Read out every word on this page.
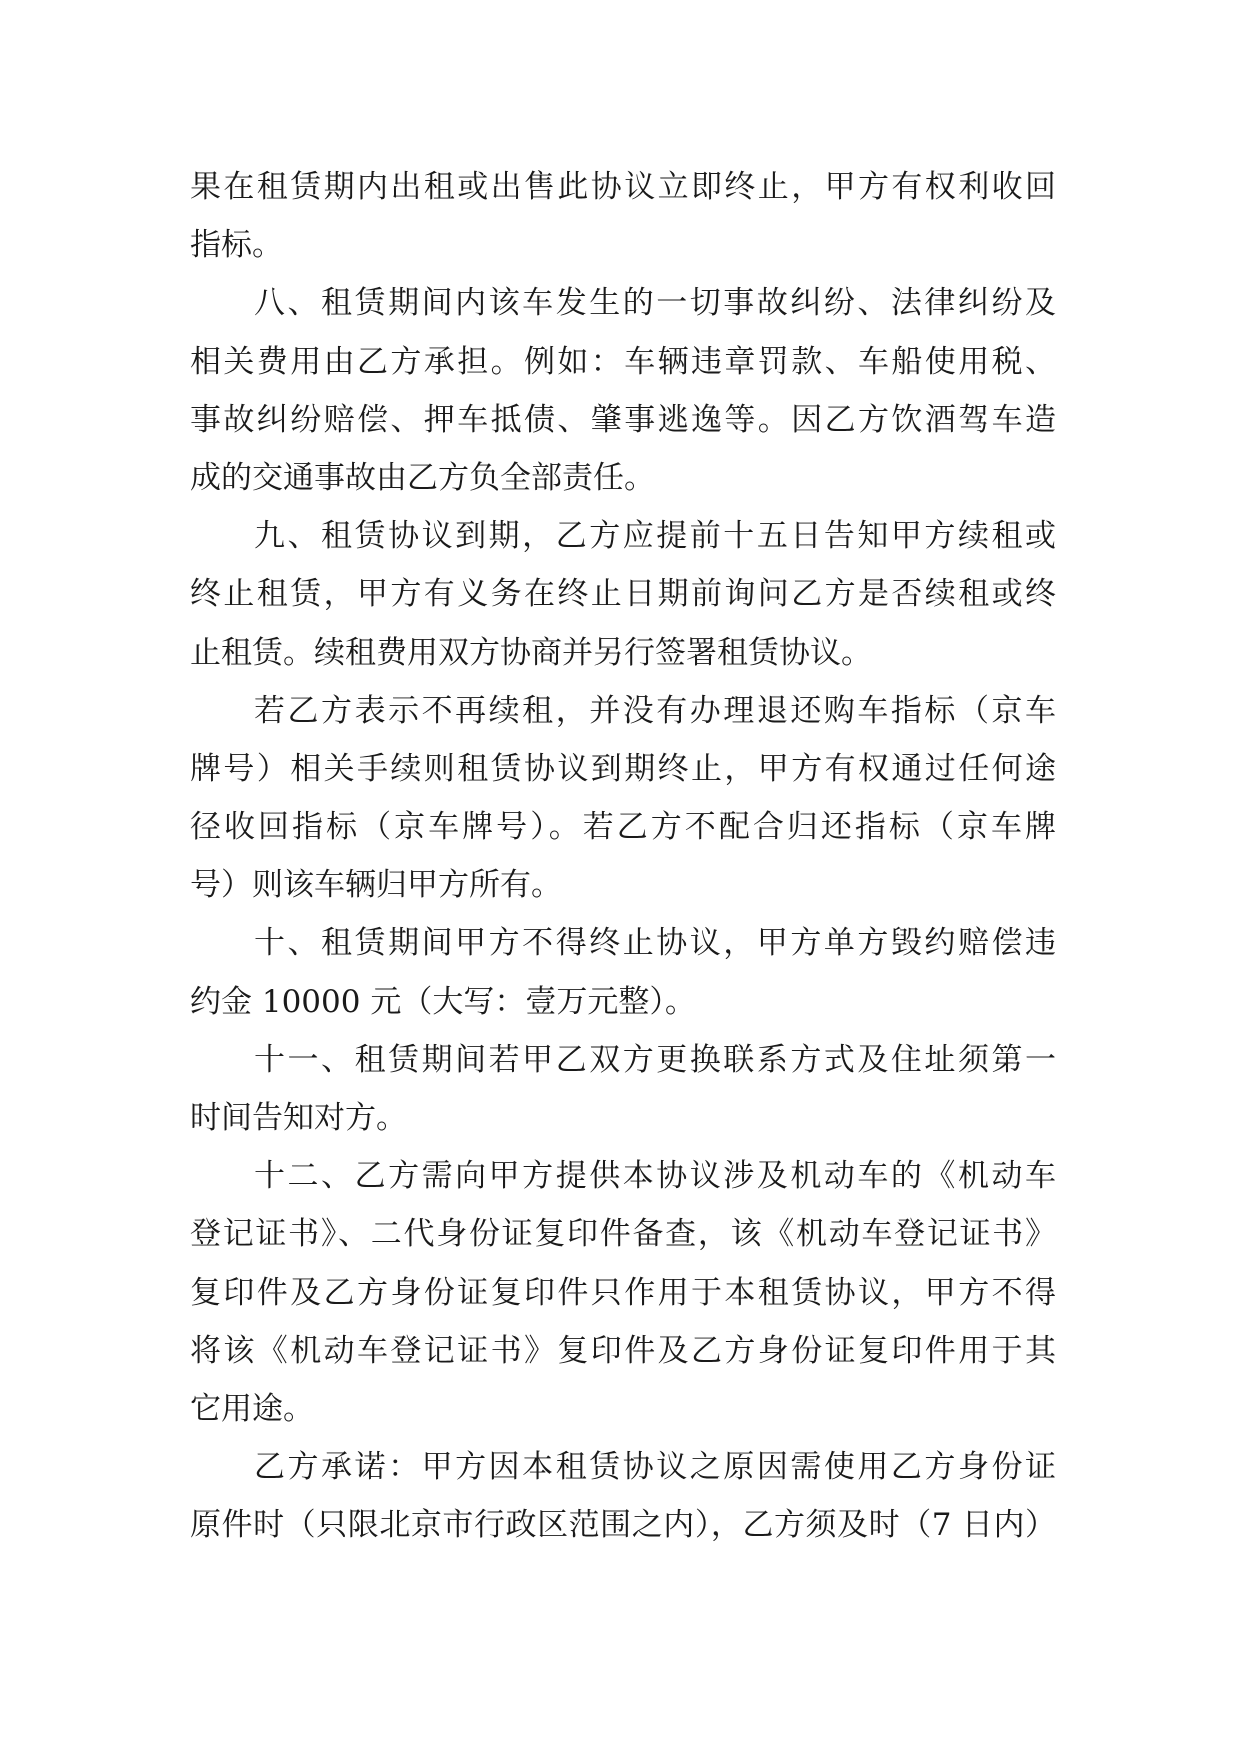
果在租赁期内出租或出售此协议立即终止，甲方有权利收回
指标。
八、租赁期间内该车发生的一切事故纠纷、法律纠纷及
相关费用由乙方承担。例如：车辆违章罚款、车船使用税、
事故纠纷赔偿、押车抵债、肇事逃逸等。因乙方饮酒驾车造
成的交通事故由乙方负全部责任。
九、租赁协议到期，乙方应提前十五日告知甲方续租或
终止租赁，甲方有义务在终止日期前询问乙方是否续租或终
止租赁。续租费用双方协商并另行签署租赁协议。
若乙方表示不再续租，并没有办理退还购车指标（京车
牌号）相关手续则租赁协议到期终止，甲方有权通过任何途
径收回指标（京车牌号）。若乙方不配合归还指标（京车牌
号）则该车辆归甲方所有。
十、租赁期间甲方不得终止协议，甲方单方毁约赔偿违
约金 10000 元（大写：壹万元整）。
十一、租赁期间若甲乙双方更换联系方式及住址须第一
时间告知对方。
十二、乙方需向甲方提供本协议涉及机动车的《机动车
登记证书》、二代身份证复印件备查，该《机动车登记证书》
复印件及乙方身份证复印件只作用于本租赁协议，甲方不得
将该《机动车登记证书》复印件及乙方身份证复印件用于其
它用途。
乙方承诺：甲方因本租赁协议之原因需使用乙方身份证
原件时（只限北京市行政区范围之内），乙方须及时（7 日内）
